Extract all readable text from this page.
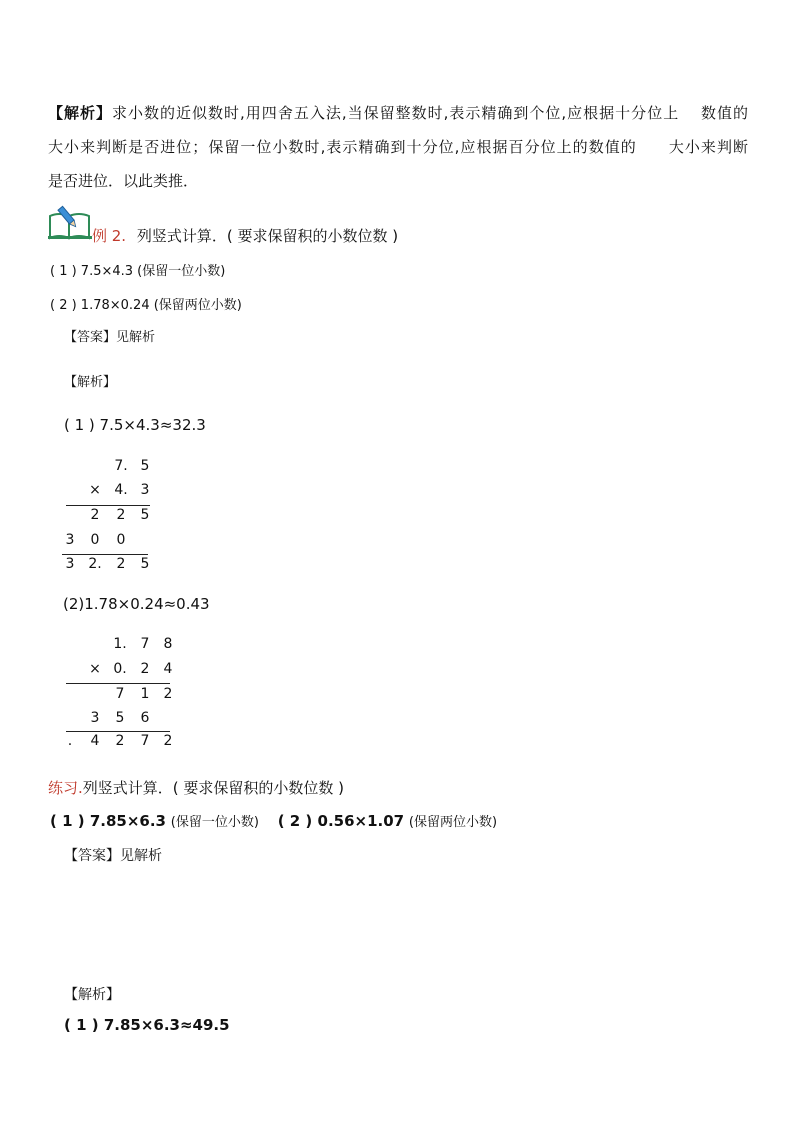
【解析】求小数的近似数时,用四舍五入法,当保留整数时,表示精确到个位,应根据十分位上　 数值的
大小来判断是否进位；保留一位小数时,表示精确到十分位,应根据百分位上的数值的　　大小来判断
是否进位．以此类推．
例 2. 列竖式计算．( 要求保留积的小数位数 )
( 1 ) 7.5×4.3 (保留一位小数)
( 2 ) 1.78×0.24 (保留两位小数)
【答案】见解析
【解析】
( 1 ) 7.5×4.3≈32.3
7. 5
× 4. 3
2	2	5
3	0	0
3 2.	2	5
(2)1.78×0.24≈0.43
1. 7	8
× 0. 2	4
7	1	2
3	5	6
.	4	2	7	2
练习.列竖式计算．( 要求保留积的小数位数 )
( 1 ) 7.85×6.3 (保留一位小数) ( 2 ) 0.56×1.07 (保留两位小数)
【答案】见解析
【解析】
( 1 ) 7.85×6.3≈49.5
